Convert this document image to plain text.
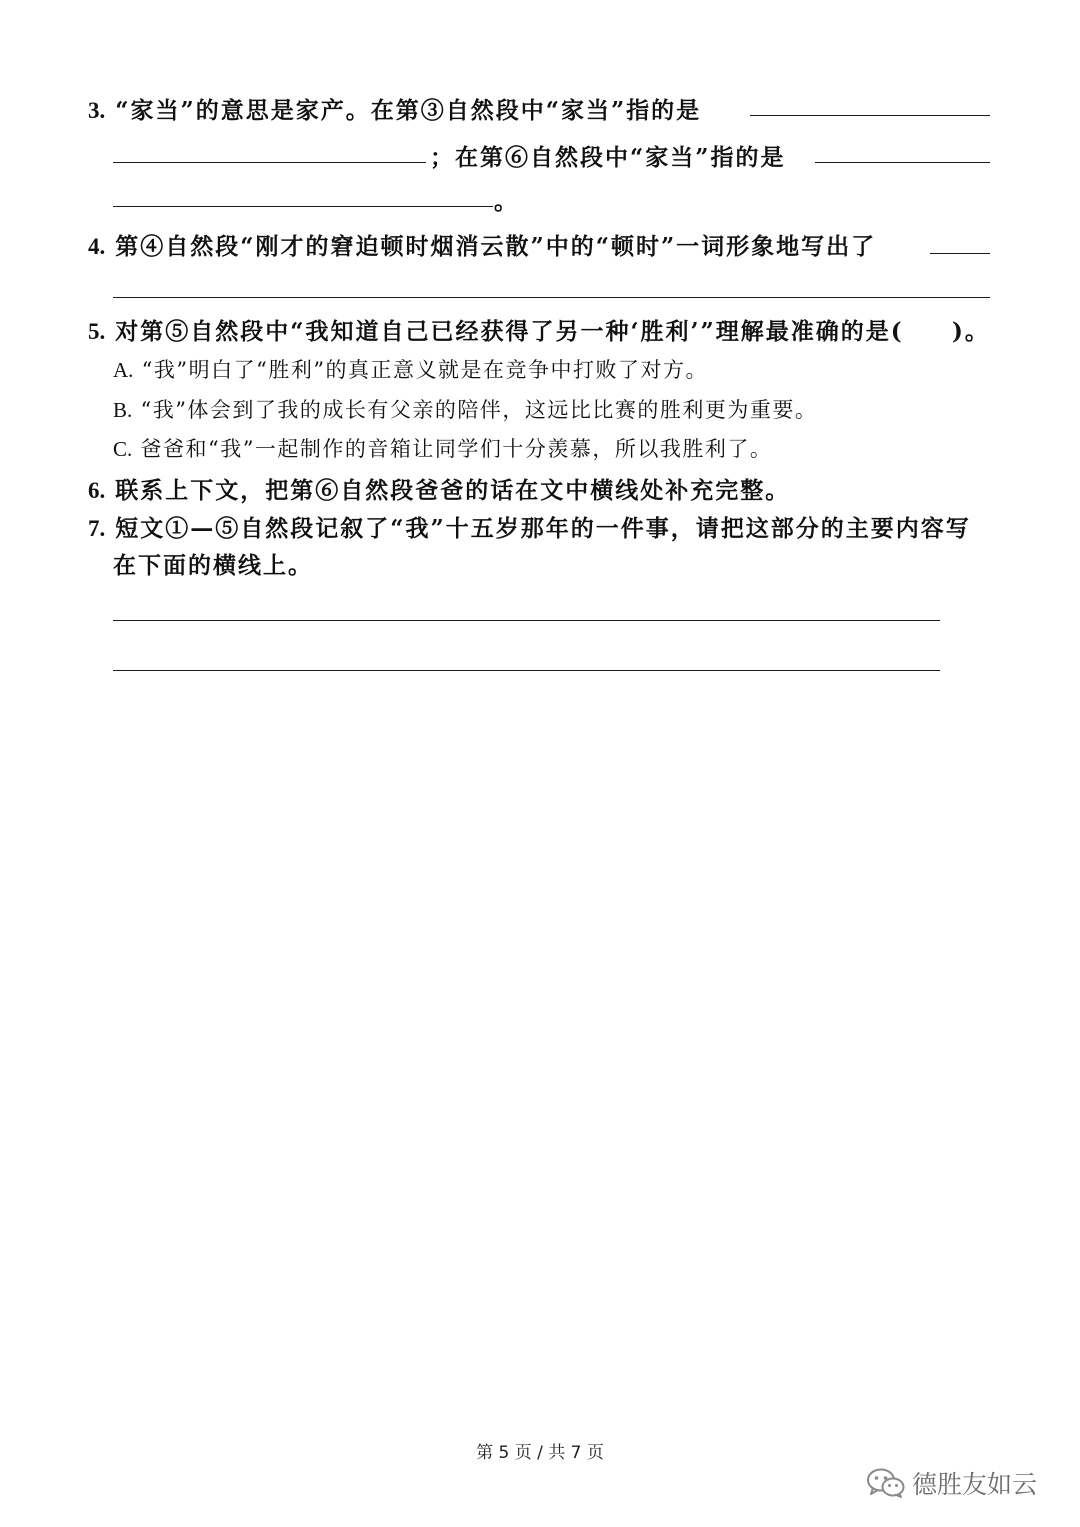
3. “家当”的意思是家产。在第③自然段中“家当”指的是
；在第⑥自然段中“家当”指的是
。
4. 第④自然段“刚才的窘迫顿时烟消云散”中的“顿时”一词形象地写出了
5. 对第⑤自然段中“我知道自己已经获得了另一种‘胜利’”理解最准确的是( )。
A. “我”明白了“胜利”的真正意义就是在竞争中打败了对方。
B. “我”体会到了我的成长有父亲的陪伴，这远比比赛的胜利更为重要。
C. 爸爸和“我”一起制作的音箱让同学们十分羡慕，所以我胜利了。
6. 联系上下文，把第⑥自然段爸爸的话在文中横线处补充完整。
7. 短文①—⑤自然段记叙了“我”十五岁那年的一件事，请把这部分的主要内容写
在下面的横线上。
第 5 页 / 共 7 页
德胜友如云
